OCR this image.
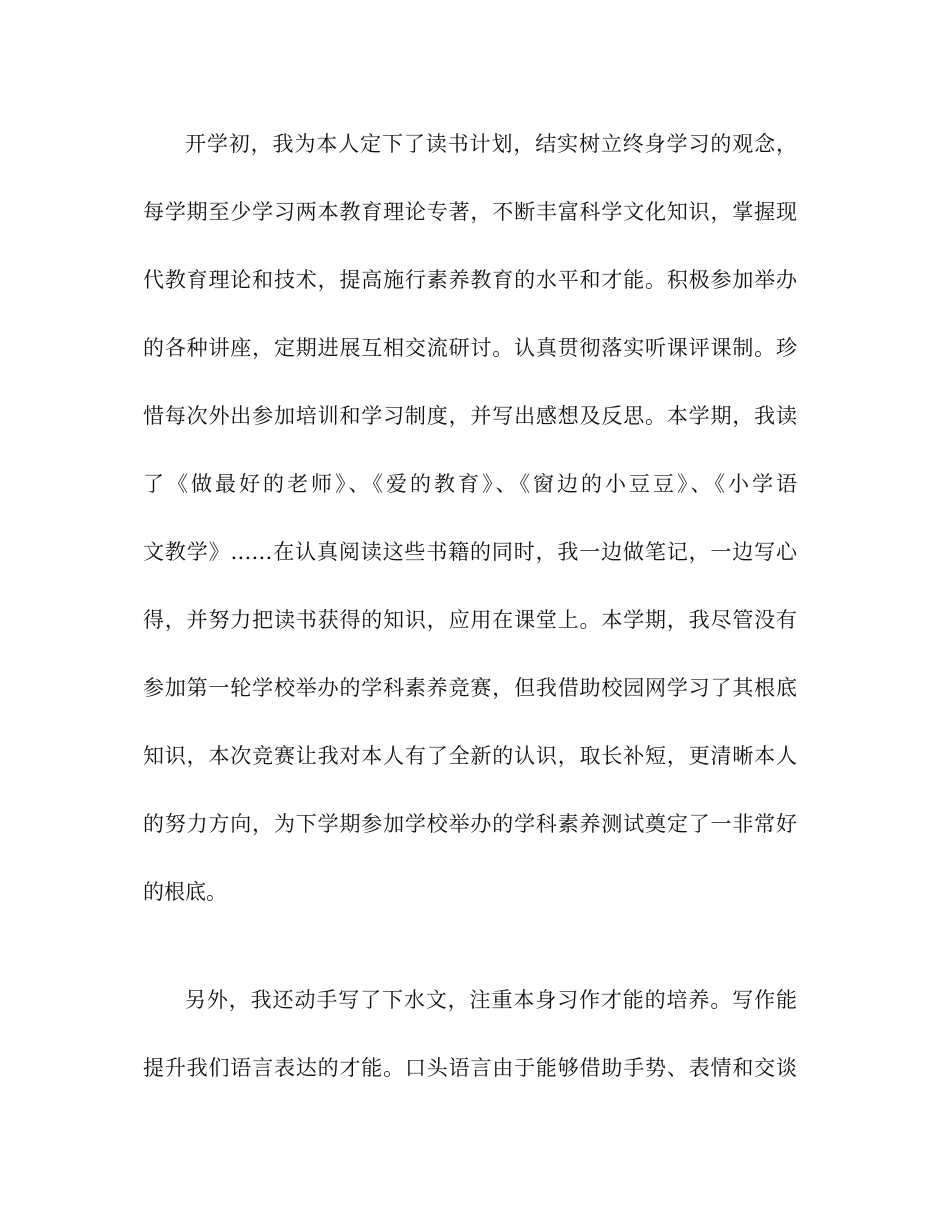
开学初，我为本人定下了读书计划，结实树立终身学习的观念，
每学期至少学习两本教育理论专著，不断丰富科学文化知识，掌握现
代教育理论和技术，提高施行素养教育的水平和才能。积极参加举办
的各种讲座，定期进展互相交流研讨。认真贯彻落实听课评课制。珍
惜每次外出参加培训和学习制度，并写出感想及反思。本学期，我读
了《做最好的老师》、《爱的教育》、《窗边的小豆豆》、《小学语
文教学》……在认真阅读这些书籍的同时，我一边做笔记，一边写心
得，并努力把读书获得的知识，应用在课堂上。本学期，我尽管没有
参加第一轮学校举办的学科素养竞赛，但我借助校园网学习了其根底
知识，本次竞赛让我对本人有了全新的认识，取长补短，更清晰本人
的努力方向，为下学期参加学校举办的学科素养测试奠定了一非常好
的根底。
另外，我还动手写了下水文，注重本身习作才能的培养。写作能
提升我们语言表达的才能。口头语言由于能够借助手势、表情和交谈
